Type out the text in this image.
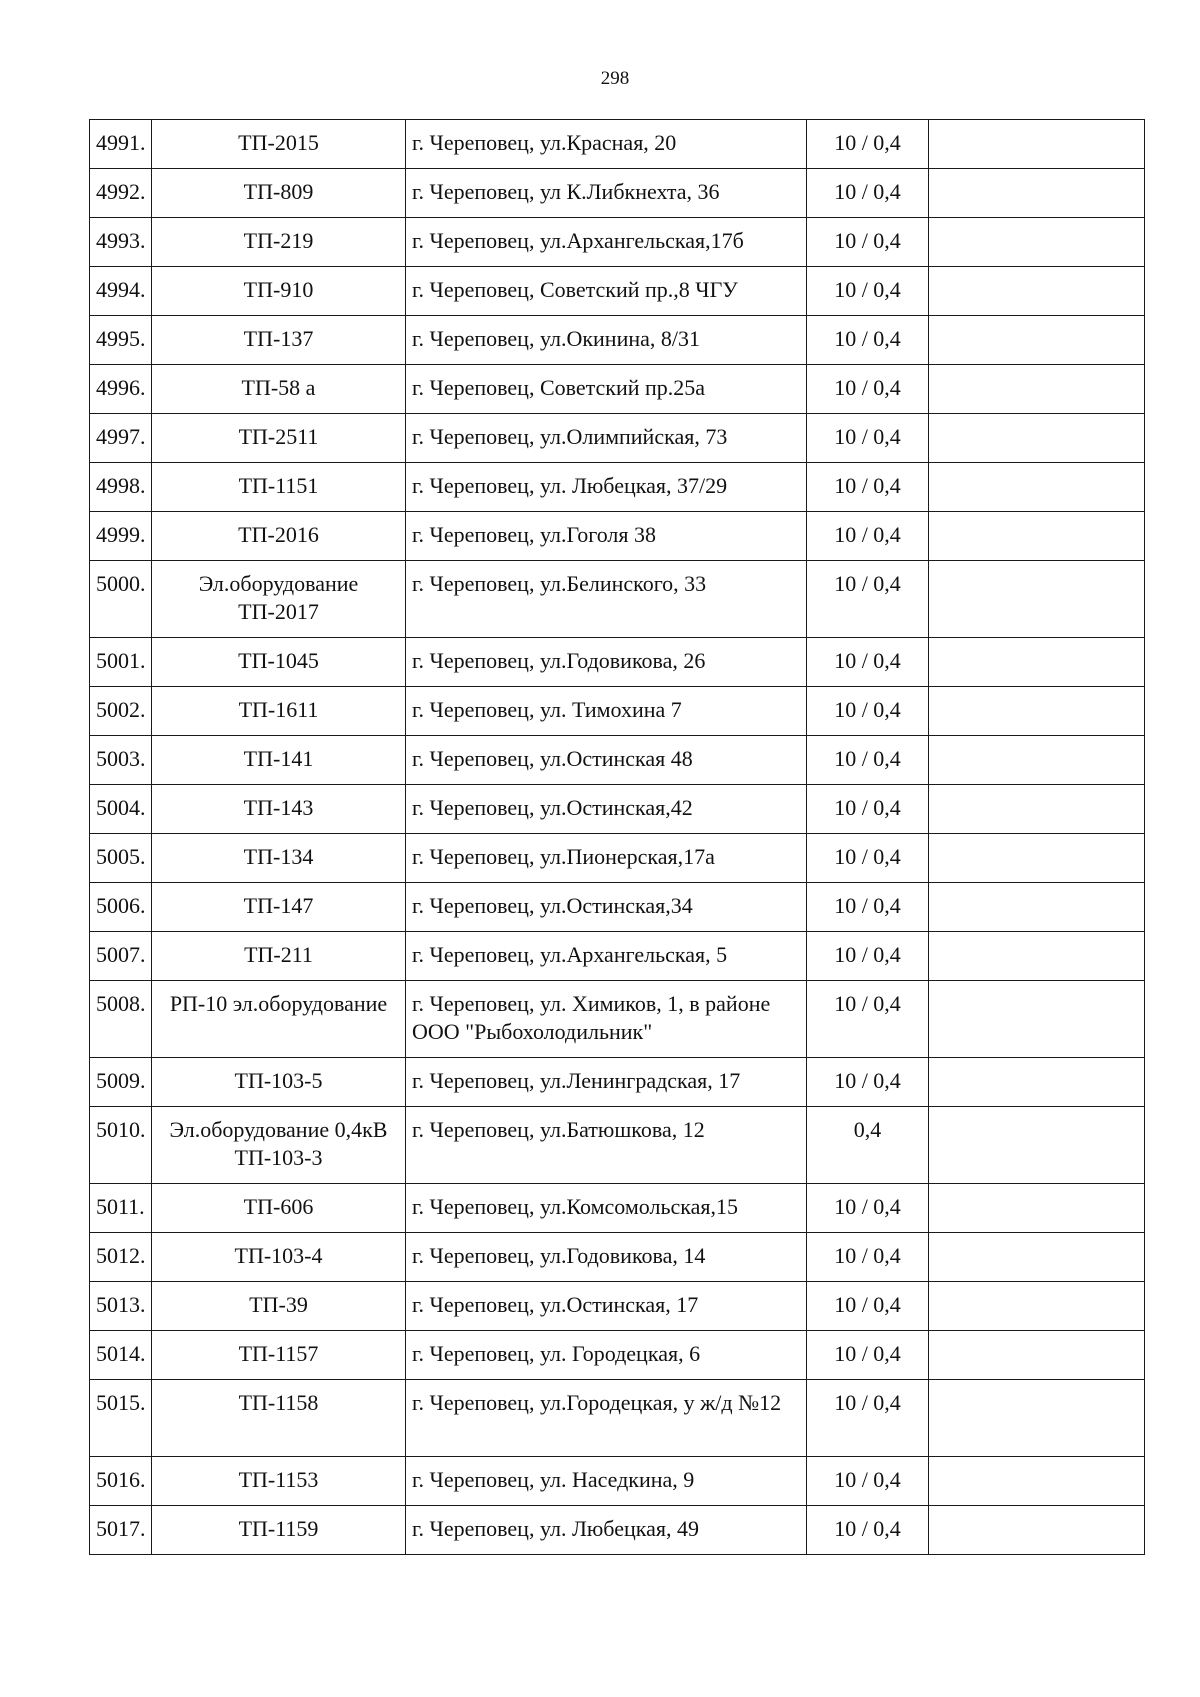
298
4991.	ТП-2015	г. Череповец, ул.Красная, 20	10 / 0,4	
4992.	ТП-809	г. Череповец, ул К.Либкнехта, 36	10 / 0,4	
4993.	ТП-219	г. Череповец, ул.Архангельская,17б	10 / 0,4	
4994.	ТП-910	г. Череповец, Советский пр.,8 ЧГУ	10 / 0,4	
4995.	ТП-137	г. Череповец, ул.Окинина, 8/31	10 / 0,4	
4996.	ТП-58 а	г. Череповец, Советский пр.25а	10 / 0,4	
4997.	ТП-2511	г. Череповец, ул.Олимпийская, 73	10 / 0,4	
4998.	ТП-1151	г. Череповец, ул. Любецкая, 37/29	10 / 0,4	
4999.	ТП-2016	г. Череповец, ул.Гоголя 38	10 / 0,4	
5000.	Эл.оборудование ТП-2017	г. Череповец, ул.Белинского, 33	10 / 0,4	
5001.	ТП-1045	г. Череповец, ул.Годовикова, 26	10 / 0,4	
5002.	ТП-1611	г. Череповец, ул. Тимохина 7	10 / 0,4	
5003.	ТП-141	г. Череповец, ул.Остинская 48	10 / 0,4	
5004.	ТП-143	г. Череповец, ул.Остинская,42	10 / 0,4	
5005.	ТП-134	г. Череповец, ул.Пионерская,17а	10 / 0,4	
5006.	ТП-147	г. Череповец, ул.Остинская,34	10 / 0,4	
5007.	ТП-211	г. Череповец, ул.Архангельская, 5	10 / 0,4	
5008.	РП-10 эл.оборудование	г. Череповец, ул. Химиков, 1, в районе ООО "Рыбохолодильник"	10 / 0,4	
5009.	ТП-103-5	г. Череповец, ул.Ленинградская, 17	10 / 0,4	
5010.	Эл.оборудование 0,4кВ ТП-103-3	г. Череповец, ул.Батюшкова, 12	0,4	
5011.	ТП-606	г. Череповец, ул.Комсомольская,15	10 / 0,4	
5012.	ТП-103-4	г. Череповец, ул.Годовикова, 14	10 / 0,4	
5013.	ТП-39	г. Череповец, ул.Остинская, 17	10 / 0,4	
5014.	ТП-1157	г. Череповец, ул. Городецкая, 6	10 / 0,4	
5015.	ТП-1158	г. Череповец, ул.Городецкая, у ж/д №12	10 / 0,4	
5016.	ТП-1153	г. Череповец, ул. Наседкина, 9	10 / 0,4	
5017.	ТП-1159	г. Череповец, ул. Любецкая, 49	10 / 0,4	
